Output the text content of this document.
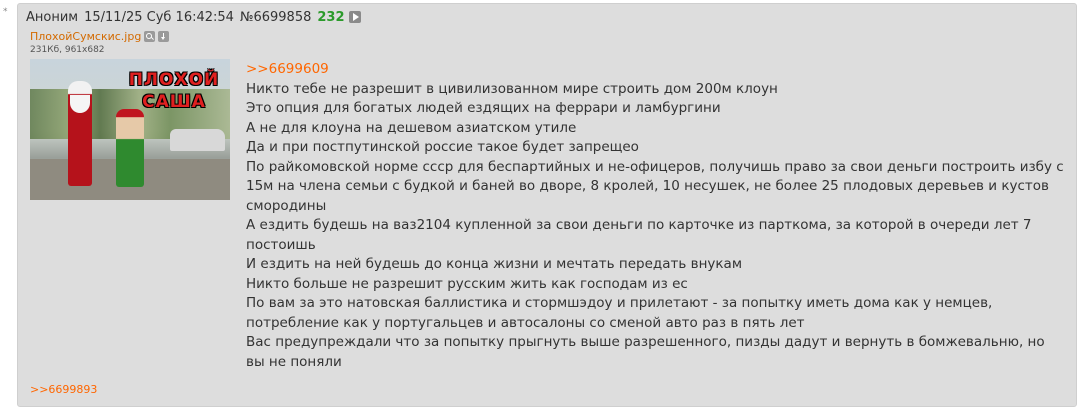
* Аноним 15/11/25 Суб 16:42:54 №6699858 232
ПлохойСумскис.jpg
231Кб, 961x682
ПЛОХОЙ
САША
>>6699609
Никто тебе не разрешит в цивилизованном мире строить дом 200м клоун
Это опция для богатых людей ездящих на феррари и ламбургини
А не для клоуна на дешевом азиатском утиле
Да и при постпутинской россие такое будет запрещео
По райкомовской норме ссср для беспартийных и не-офицеров, получишь право за свои деньги построить избу с 15м на члена семьи с будкой и баней во дворе, 8 кролей, 10 несушек, не более 25 плодовых деревьев и кустов смородины
А ездить будешь на ваз2104 купленной за свои деньги по карточке из парткома, за которой в очереди лет 7 постоишь
И ездить на ней будешь до конца жизни и мечтать передать внукам
Никто больше не разрешит русским жить как господам из ес
По вам за это натовская баллистика и стормшэдоу и прилетают - за попытку иметь дома как у немцев, потребление как у португальцев и автосалоны со сменой авто раз в пять лет
Вас предупреждали что за попытку прыгнуть выше разрешенного, пизды дадут и вернуть в бомжевальню, но вы не поняли
>>6699893
